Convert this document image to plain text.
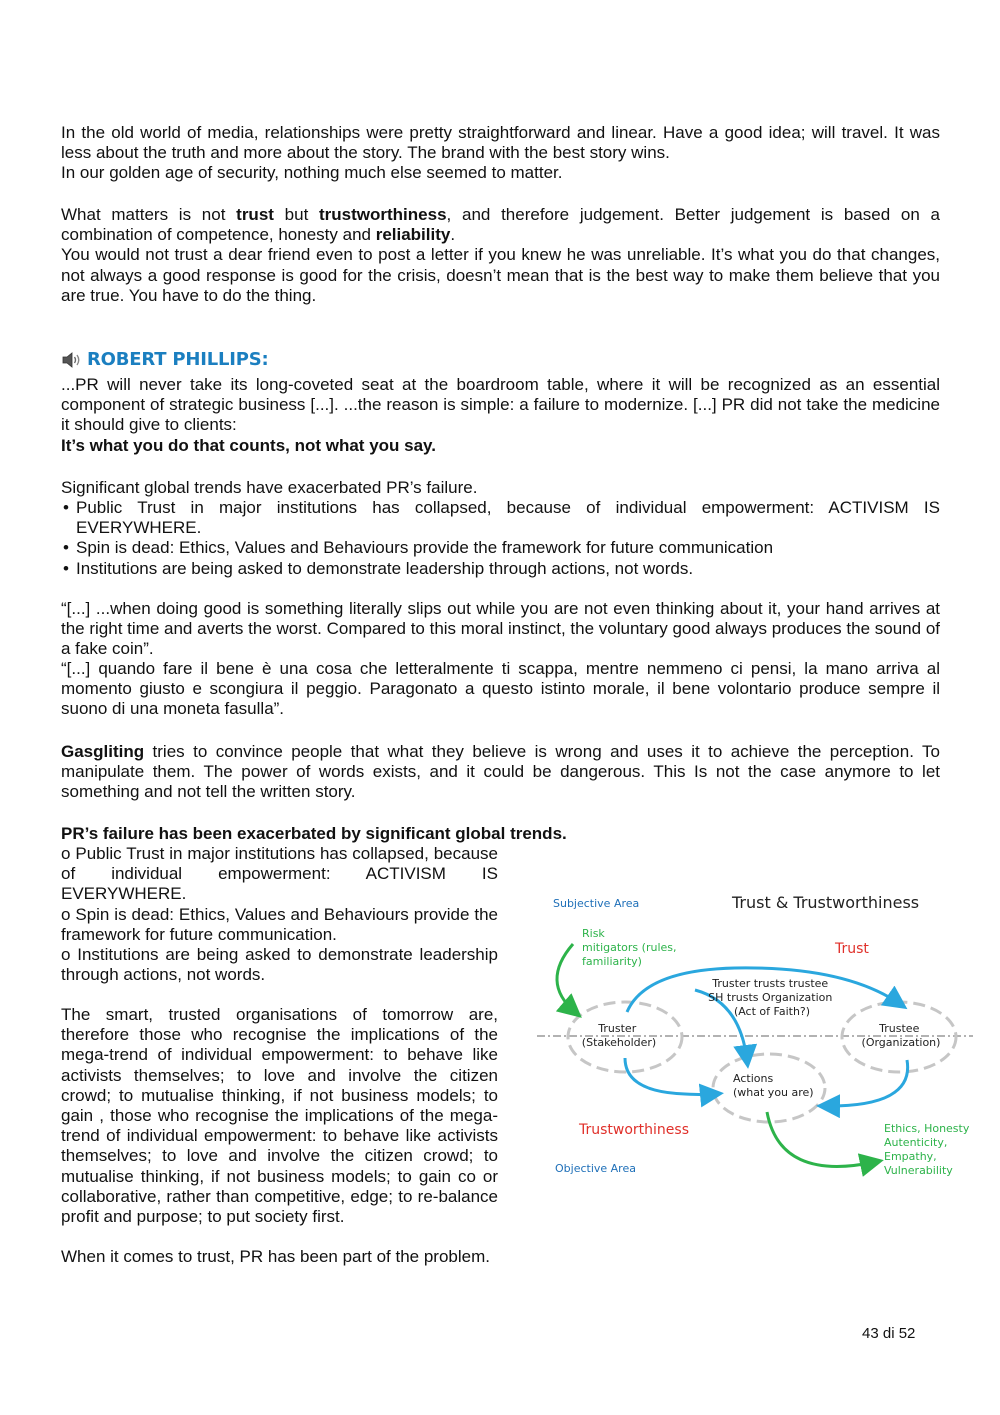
In the old world of media, relationships were pretty straightforward and linear. Have a good idea; will travel. It was less about the truth and more about the story. The brand with the best story wins.
In our golden age of security, nothing much else seemed to matter.
What matters is not trust but trustworthiness, and therefore judgement. Better judgement is based on a combination of competence, honesty and reliability.
You would not trust a dear friend even to post a letter if you knew he was unreliable. It’s what you do that changes, not always a good response is good for the crisis, doesn’t mean that is the best way to make them believe that you are true. You have to do the thing.
ROBERT PHILLIPS:
...PR will never take its long-coveted seat at the boardroom table, where it will be recognized as an essential component of strategic business [...]. ...the reason is simple: a failure to modernize. [...] PR did not take the medicine it should give to clients:
It’s what you do that counts, not what you say.
Significant global trends have exacerbated PR’s failure.
• Public Trust in major institutions has collapsed, because of individual empowerment: ACTIVISM IS EVERYWHERE.
• Spin is dead: Ethics, Values and Behaviours provide the framework for future communication
• Institutions are being asked to demonstrate leadership through actions, not words.
“[...] ...when doing good is something literally slips out while you are not even thinking about it, your hand arrives at the right time and averts the worst. Compared to this moral instinct, the voluntary good always produces the sound of a fake coin”.
“[...] quando fare il bene è una cosa che letteralmente ti scappa, mentre nemmeno ci pensi, la mano arriva al momento giusto e scongiura il peggio. Paragonato a questo istinto morale, il bene volontario produce sempre il suono di una moneta fasulla”.
Gasgliting tries to convince people that what they believe is wrong and uses it to achieve the perception. To manipulate them. The power of words exists, and it could be dangerous. This Is not the case anymore to let something and not tell the written story.
PR’s failure has been exacerbated by significant global trends.
o Public Trust in major institutions has collapsed, because of individual empowerment: ACTIVISM IS EVERYWHERE.
o Spin is dead: Ethics, Values and Behaviours provide the framework for future communication.
o Institutions are being asked to demonstrate leadership through actions, not words.
The smart, trusted organisations of tomorrow are, therefore those who recognise the implications of the mega-trend of individual empowerment: to behave like activists themselves; to love and involve the citizen crowd; to mutualise thinking, if not business models; to gain , those who recognise the implications of the mega-trend of individual empowerment: to behave like activists themselves; to love and involve the citizen crowd; to mutualise thinking, if not business models; to gain co or collaborative, rather than competitive, edge; to re-balance profit and purpose; to put society first.
When it comes to trust, PR has been part of the problem.
Subjective Area	Trust & Trustworthiness
Risk mitigators (rules, familiarity)
Trust
Truster trusts trustee SH trusts Organization (Act of Faith?)
Truster (Stakeholder)
Trustee (Organization)
Actions (what you are)
Trustworthiness
Objective Area
Ethics, Honesty Autenticity, Empathy, Vulnerability
43 di 52
